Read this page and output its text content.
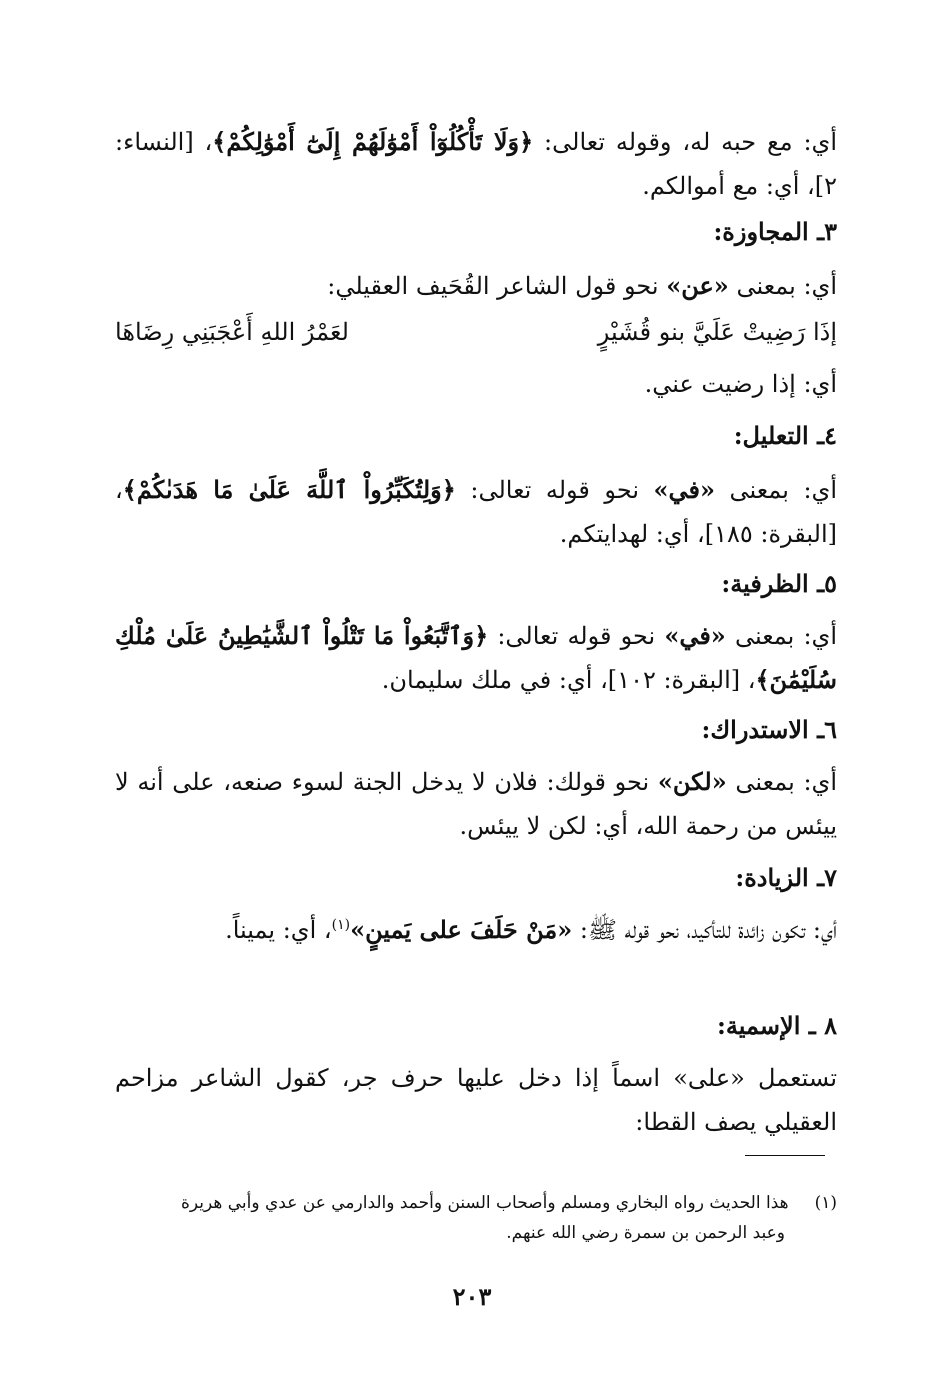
أي: مع حبه له، وقوله تعالى: ﴿وَلَا تَأْكُلُوٓاْ أَمْوَٰلَهُمْ إِلَىٰٓ أَمْوَٰلِكُمْ﴾، [النساء: ٢]، أي: مع أموالكم.
٣ـ المجاوزة:
أي: بمعنى «عن» نحو قول الشاعر القُحَيف العقيلي:
إذَا رَضِيتْ عَلَيَّ بنو قُشَيْرٍ
لعَمْرُ اللهِ أَعْجَبَنِي رِضَاهَا
أي: إذا رضيت عني.
٤ـ التعليل:
أي: بمعنى «في» نحو قوله تعالى: ﴿وَلِتُكَبِّرُواْ ٱللَّهَ عَلَىٰ مَا هَدَىٰكُمْ﴾، [البقرة: ١٨٥]، أي: لهدايتكم.
٥ـ الظرفية:
أي: بمعنى «في» نحو قوله تعالى: ﴿وَٱتَّبَعُواْ مَا تَتْلُواْ ٱلشَّيَٰطِينُ عَلَىٰ مُلْكِ سُلَيْمَٰنَ﴾، [البقرة: ١٠٢]، أي: في ملك سليمان.
٦ـ الاستدراك:
أي: بمعنى «لكن» نحو قولك: فلان لا يدخل الجنة لسوء صنعه، على أنه لا ييئس من رحمة الله، أي: لكن لا ييئس.
٧ـ الزيادة:
أي: تكون زائدة للتأكيد، نحو قوله ﷺ: «مَنْ حَلَفَ على يَمينٍ»$^{(١)}$، أي: يميناً.
٨ ـ الإسمية:
تستعمل «على» اسماً إذا دخل عليها حرف جر، كقول الشاعر مزاحم العقيلي يصف القطا:
(١)هذا الحديث رواه البخاري ومسلم وأصحاب السنن وأحمد والدارمي عن عدي وأبي هريرة
وعبد الرحمن بن سمرة رضي الله عنهم.
٢٠٣
